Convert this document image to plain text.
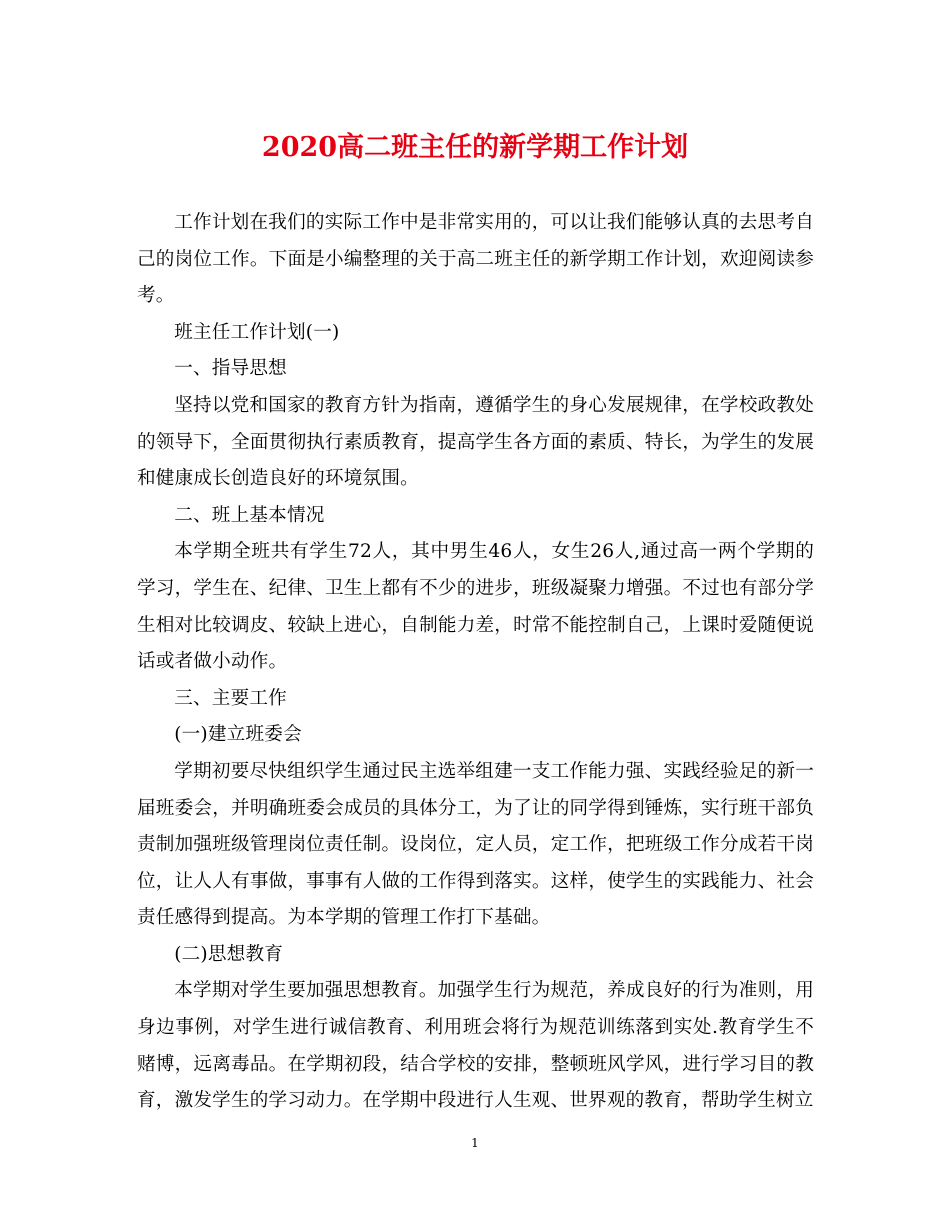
2020高二班主任的新学期工作计划

工作计划在我们的实际工作中是非常实用的，可以让我们能够认真的去思考自己的岗位工作。下面是小编整理的关于高二班主任的新学期工作计划，欢迎阅读参考。

班主任工作计划(一)

一、指导思想

坚持以党和国家的教育方针为指南，遵循学生的身心发展规律，在学校政教处的领导下，全面贯彻执行素质教育，提高学生各方面的素质、特长，为学生的发展和健康成长创造良好的环境氛围。

二、班上基本情况

本学期全班共有学生72人，其中男生46人，女生26人,通过高一两个学期的学习，学生在、纪律、卫生上都有不少的进步，班级凝聚力增强。不过也有部分学生相对比较调皮、较缺上进心，自制能力差，时常不能控制自己，上课时爱随便说话或者做小动作。

三、主要工作

(一)建立班委会

学期初要尽快组织学生通过民主选举组建一支工作能力强、实践经验足的新一届班委会，并明确班委会成员的具体分工，为了让的同学得到锤炼，实行班干部负责制加强班级管理岗位责任制。设岗位，定人员，定工作，把班级工作分成若干岗位，让人人有事做，事事有人做的工作得到落实。这样，使学生的实践能力、社会责任感得到提高。为本学期的管理工作打下基础。

(二)思想教育

本学期对学生要加强思想教育。加强学生行为规范，养成良好的行为准则，用身边事例，对学生进行诚信教育、利用班会将行为规范训练落到实处.教育学生不赌博，远离毒品。在学期初段，结合学校的安排，整顿班风学风，进行学习目的教育，激发学生的学习动力。在学期中段进行人生观、世界观的教育，帮助学生树立

1
